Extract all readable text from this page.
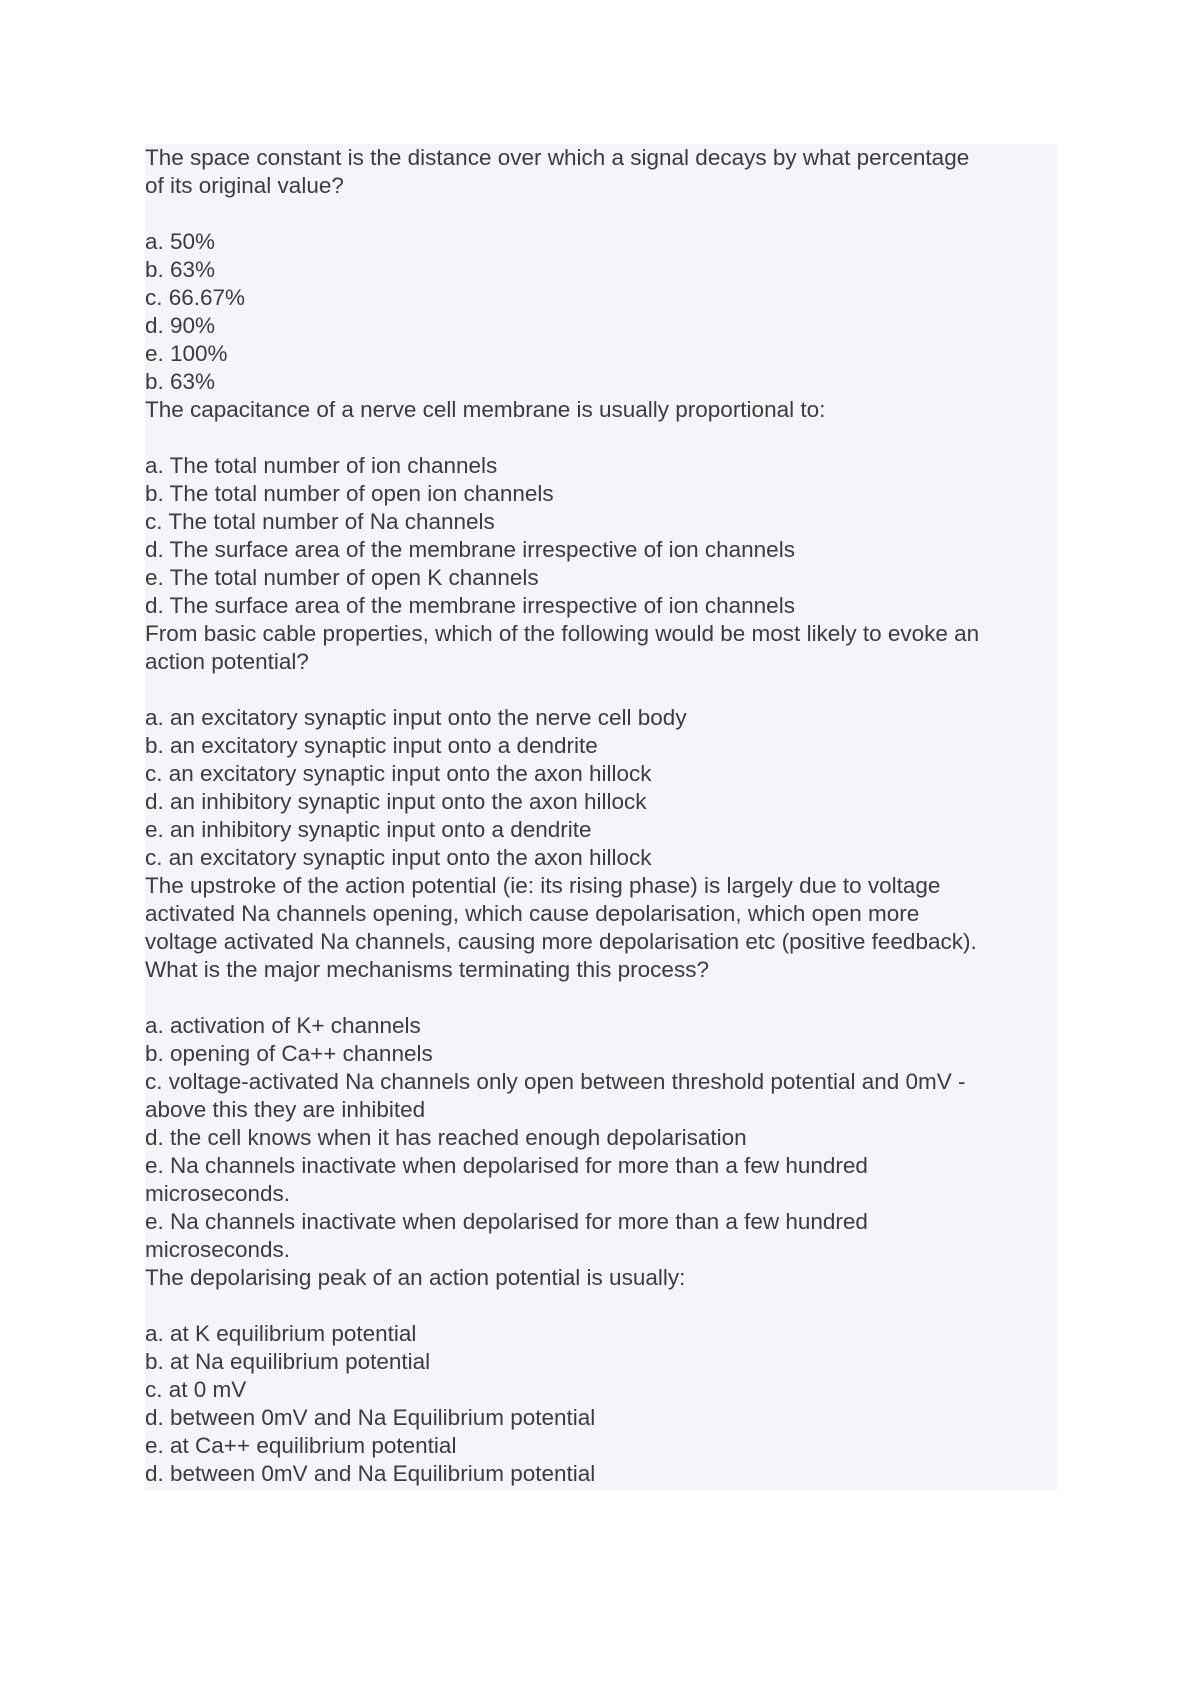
The space constant is the distance over which a signal decays by what percentage
of its original value?
a. 50%
b. 63%
c. 66.67%
d. 90%
e. 100%
b. 63%
The capacitance of a nerve cell membrane is usually proportional to:
a. The total number of ion channels
b. The total number of open ion channels
c. The total number of Na channels
d. The surface area of the membrane irrespective of ion channels
e. The total number of open K channels
d. The surface area of the membrane irrespective of ion channels
From basic cable properties, which of the following would be most likely to evoke an
action potential?
a. an excitatory synaptic input onto the nerve cell body
b. an excitatory synaptic input onto a dendrite
c. an excitatory synaptic input onto the axon hillock
d. an inhibitory synaptic input onto the axon hillock
e. an inhibitory synaptic input onto a dendrite
c. an excitatory synaptic input onto the axon hillock
The upstroke of the action potential (ie: its rising phase) is largely due to voltage
activated Na channels opening, which cause depolarisation, which open more
voltage activated Na channels, causing more depolarisation etc (positive feedback).
What is the major mechanisms terminating this process?
a. activation of K+ channels
b. opening of Ca++ channels
c. voltage-activated Na channels only open between threshold potential and 0mV -
above this they are inhibited
d. the cell knows when it has reached enough depolarisation
e. Na channels inactivate when depolarised for more than a few hundred
microseconds.
e. Na channels inactivate when depolarised for more than a few hundred
microseconds.
The depolarising peak of an action potential is usually:
a. at K equilibrium potential
b. at Na equilibrium potential
c. at 0 mV
d. between 0mV and Na Equilibrium potential
e. at Ca++ equilibrium potential
d. between 0mV and Na Equilibrium potential
